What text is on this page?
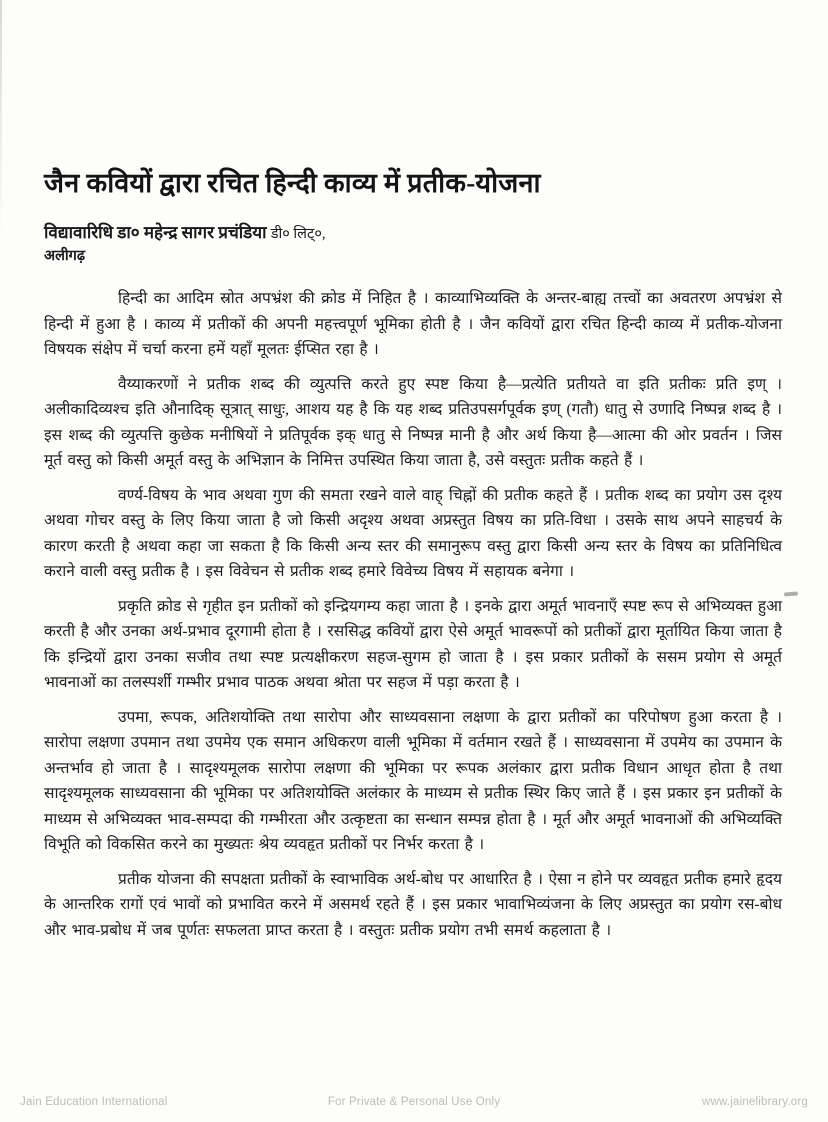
जैन कवियों द्वारा रचित हिन्दी काव्य में प्रतीक-योजना
विद्यावारिधि डा० महेन्द्र सागर प्रचंडिया डी० लिट्०,
अलीगढ़

हिन्दी का आदिम स्रोत अपभ्रंश की क्रोड में निहित है । काव्याभिव्यक्ति के अन्तर-बाह्य तत्त्वों का अवतरण अपभ्रंश से हिन्दी में हुआ है । काव्य में प्रतीकों की अपनी महत्त्वपूर्ण भूमिका होती है । जैन कवियों द्वारा रचित हिन्दी काव्य में प्रतीक-योजना विषयक संक्षेप में चर्चा करना हमें यहाँ मूलतः ईप्सित रहा है ।

वैय्याकरणों ने प्रतीक शब्द की व्युत्पत्ति करते हुए स्पष्ट किया है—प्रत्येति प्रतीयते वा इति प्रतीकः प्रति इण् । अलीकादिव्यश्च इति औनादिक् सूत्रात् साधुः, आशय यह है कि यह शब्द प्रतिउपसर्गपूर्वक इण् (गतौ) धातु से उणादि निष्पन्न शब्द है । इस शब्द की व्युत्पत्ति कुछेक मनीषियों ने प्रतिपूर्वक इक् धातु से निष्पन्न मानी है और अर्थ किया है—आत्मा की ओर प्रवर्तन । जिस मूर्त वस्तु को किसी अमूर्त वस्तु के अभिज्ञान के निमित्त उपस्थित किया जाता है, उसे वस्तुतः प्रतीक कहते हैं ।

वर्ण्य-विषय के भाव अथवा गुण की समता रखने वाले वाह् चिह्नों की प्रतीक कहते हैं । प्रतीक शब्द का प्रयोग उस दृश्य अथवा गोचर वस्तु के लिए किया जाता है जो किसी अदृश्य अथवा अप्रस्तुत विषय का प्रति-विधा । उसके साथ अपने साहचर्य के कारण करती है अथवा कहा जा सकता है कि किसी अन्य स्तर की समानुरूप वस्तु द्वारा किसी अन्य स्तर के विषय का प्रतिनिधित्व कराने वाली वस्तु प्रतीक है । इस विवेचन से प्रतीक शब्द हमारे विवेच्य विषय में सहायक बनेगा ।

प्रकृति क्रोड से गृहीत इन प्रतीकों को इन्द्रियगम्य कहा जाता है । इनके द्वारा अमूर्त भावनाएँ स्पष्ट रूप से अभिव्यक्त हुआ करती है और उनका अर्थ-प्रभाव दूरगामी होता है । रससिद्ध कवियों द्वारा ऐसे अमूर्त भावरूपों को प्रतीकों द्वारा मूर्तायित किया जाता है कि इन्द्रियों द्वारा उनका सजीव तथा स्पष्ट प्रत्यक्षीकरण सहज-सुगम हो जाता है । इस प्रकार प्रतीकों के ससम प्रयोग से अमूर्त भावनाओं का तलस्पर्शी गम्भीर प्रभाव पाठक अथवा श्रोता पर सहज में पड़ा करता है ।

उपमा, रूपक, अतिशयोक्ति तथा सारोपा और साध्यवसाना लक्षणा के द्वारा प्रतीकों का परिपोषण हुआ करता है । सारोपा लक्षणा उपमान तथा उपमेय एक समान अधिकरण वाली भूमिका में वर्तमान रखते हैं । साध्यवसाना में उपमेय का उपमान के अन्तर्भाव हो जाता है । सादृश्यमूलक सारोपा लक्षणा की भूमिका पर रूपक अलंकार द्वारा प्रतीक विधान आधृत होता है तथा सादृश्यमूलक साध्यवसाना की भूमिका पर अतिशयोक्ति अलंकार के माध्यम से प्रतीक स्थिर किए जाते हैं । इस प्रकार इन प्रतीकों के माध्यम से अभिव्यक्त भाव-सम्पदा की गम्भीरता और उत्कृष्टता का सन्धान सम्पन्न होता है । मूर्त और अमूर्त भावनाओं की अभिव्यक्ति विभूति को विकसित करने का मुख्यतः श्रेय व्यवहृत प्रतीकों पर निर्भर करता है ।

प्रतीक योजना की सपक्षता प्रतीकों के स्वाभाविक अर्थ-बोध पर आधारित है । ऐसा न होने पर व्यवहृत प्रतीक हमारे हृदय के आन्तरिक रागों एवं भावों को प्रभावित करने में असमर्थ रहते हैं । इस प्रकार भावाभिव्यंजना के लिए अप्रस्तुत का प्रयोग रस-बोध और भाव-प्रबोध में जब पूर्णतः सफलता प्राप्त करता है । वस्तुतः प्रतीक प्रयोग तभी समर्थ कहलाता है ।

Jain Education International	For Private & Personal Use Only	www.jainelibrary.org
